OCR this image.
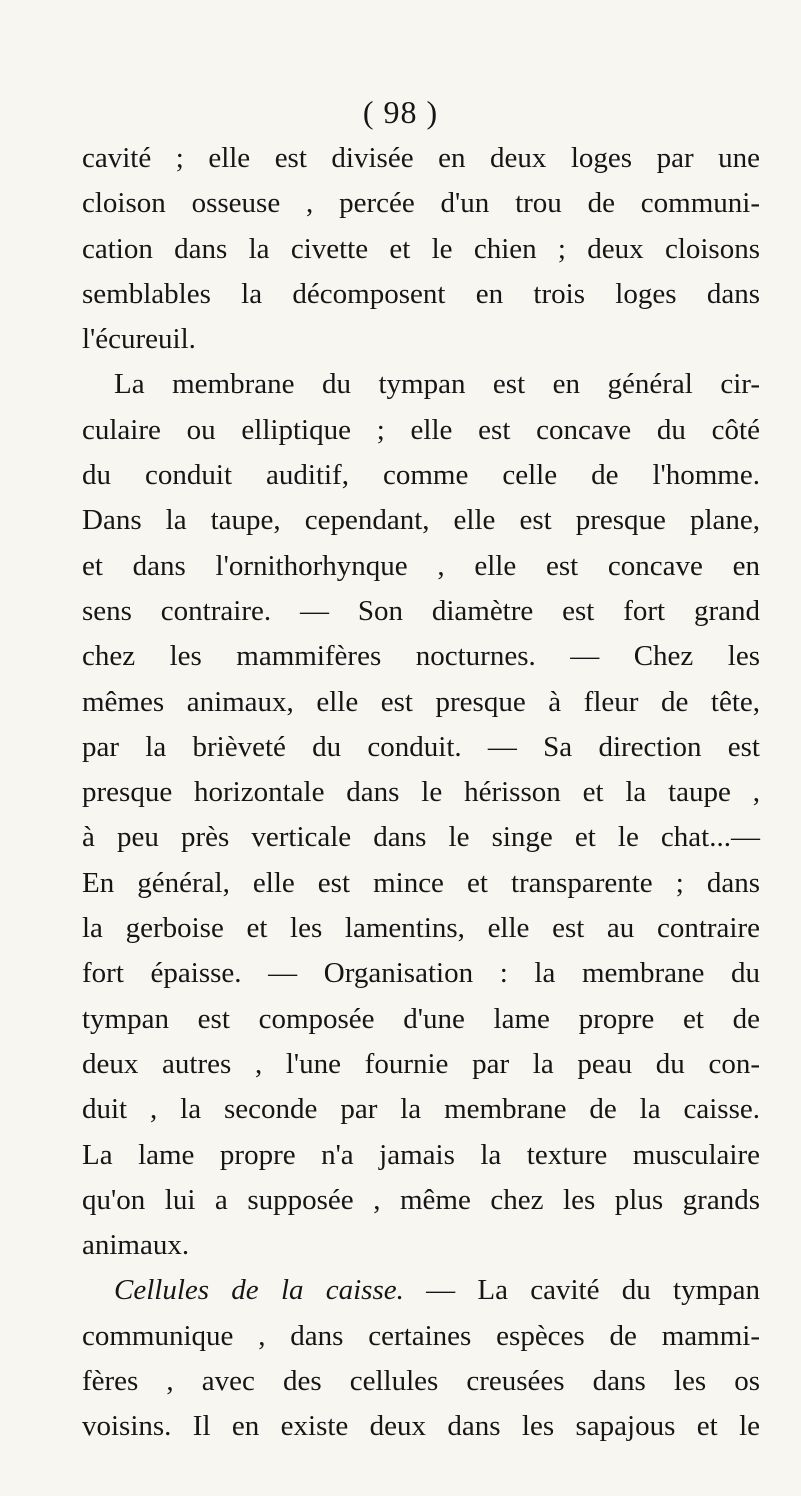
( 98 )
cavité ; elle est divisée en deux loges par une
cloison osseuse , percée d'un trou de communi-
cation dans la civette et le chien ; deux cloisons
semblables la décomposent en trois loges dans
l'écureuil.
La membrane du tympan est en général cir-
culaire ou elliptique ; elle est concave du côté
du conduit auditif, comme celle de l'homme.
Dans la taupe, cependant, elle est presque plane,
et dans l'ornithorhynque , elle est concave en
sens contraire. — Son diamètre est fort grand
chez les mammifères nocturnes. — Chez les
mêmes animaux, elle est presque à fleur de tête,
par la brièveté du conduit. — Sa direction est
presque horizontale dans le hérisson et la taupe ,
à peu près verticale dans le singe et le chat...—
En général, elle est mince et transparente ; dans
la gerboise et les lamentins, elle est au contraire
fort épaisse. — Organisation : la membrane du
tympan est composée d'une lame propre et de
deux autres , l'une fournie par la peau du con-
duit , la seconde par la membrane de la caisse.
La lame propre n'a jamais la texture musculaire
qu'on lui a supposée , même chez les plus grands
animaux.
Cellules de la caisse. — La cavité du tympan
communique , dans certaines espèces de mammi-
fères , avec des cellules creusées dans les os
voisins. Il en existe deux dans les sapajous et le
